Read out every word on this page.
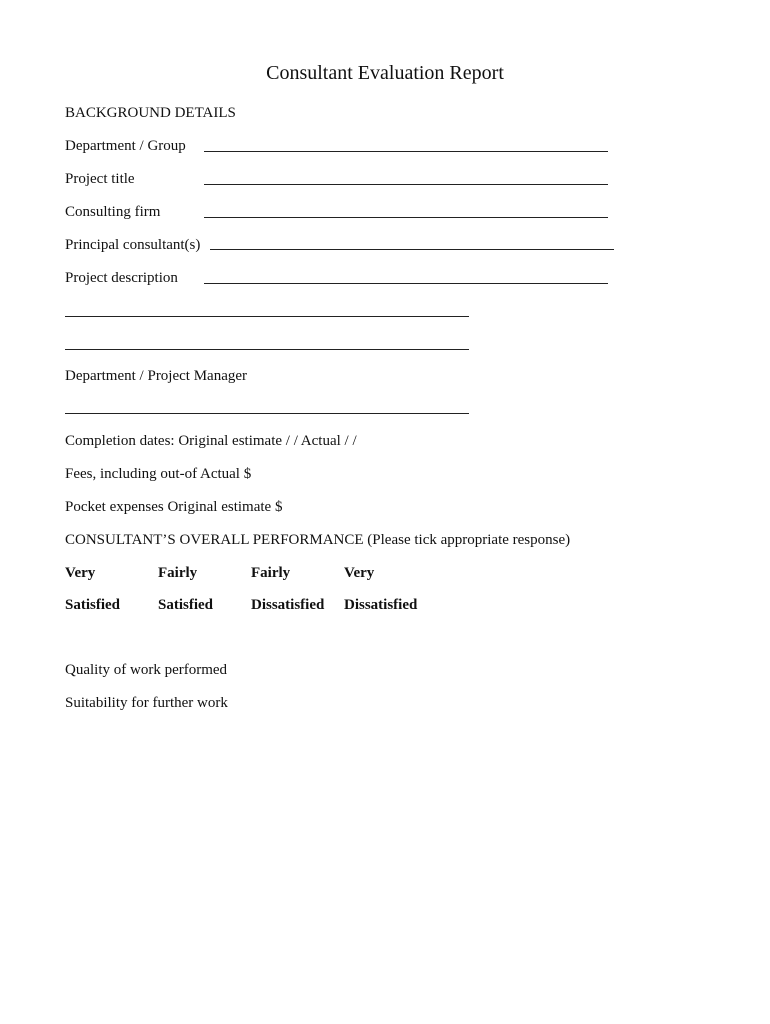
Consultant Evaluation Report
BACKGROUND DETAILS
Department / Group
Project title
Consulting firm
Principal consultant(s)
Project description
Department / Project Manager
Completion dates: Original estimate / / Actual / /
Fees, including out-of Actual $
Pocket expenses Original estimate $
CONSULTANT’S OVERALL PERFORMANCE (Please tick appropriate response)
Very
Satisfied
Fairly
Satisfied
Fairly
Dissatisfied
Very
Dissatisfied
Quality of work performed
Suitability for further work
